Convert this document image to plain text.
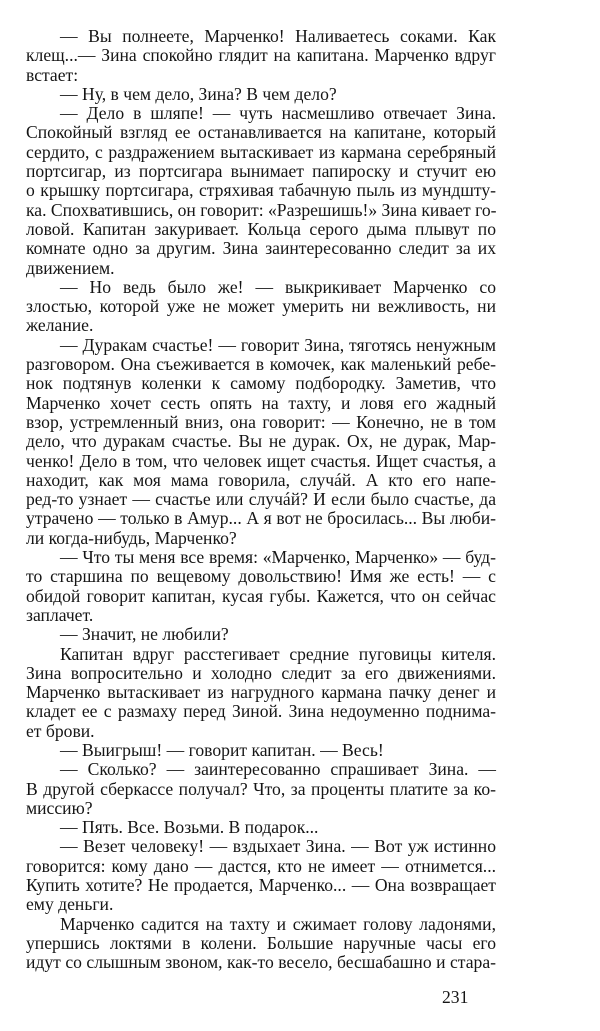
— Вы полнеете, Марченко! Наливаетесь соками. Как
клещ...— Зина спокойно глядит на капитана. Марченко вдруг
встает:
— Ну, в чем дело, Зина? В чем дело?
— Дело в шляпе! — чуть насмешливо отвечает Зина.
Спокойный взгляд ее останавливается на капитане, который
сердито, с раздражением вытаскивает из кармана серебряный
портсигар, из портсигара вынимает папироску и стучит ею
о крышку портсигара, стряхивая табачную пыль из мундшту-
ка. Спохватившись, он говорит: «Разрешишь!» Зина кивает го-
ловой. Капитан закуривает. Кольца серого дыма плывут по
комнате одно за другим. Зина заинтересованно следит за их
движением.
— Но ведь было же! — выкрикивает Марченко со
злостью, которой уже не может умерить ни вежливость, ни
желание.
— Дуракам счастье! — говорит Зина, тяготясь ненужным
разговором. Она съеживается в комочек, как маленький ребе-
нок подтянув коленки к самому подбородку. Заметив, что
Марченко хочет сесть опять на тахту, и ловя его жадный
взор, устремленный вниз, она говорит: — Конечно, не в том
дело, что дуракам счастье. Вы не дурак. Ох, не дурак, Мар-
ченко! Дело в том, что человек ищет счастья. Ищет счастья, а
находит, как моя мама говорила, случáй. А кто его напе-
ред-то узнает — счастье или случáй? И если было счастье, да
утрачено — только в Амур... А я вот не бросилась... Вы люби-
ли когда-нибудь, Марченко?
— Что ты меня все время: «Марченко, Марченко» — буд-
то старшина по вещевому довольствию! Имя же есть! — с
обидой говорит капитан, кусая губы. Кажется, что он сейчас
заплачет.
— Значит, не любили?
Капитан вдруг расстегивает средние пуговицы кителя.
Зина вопросительно и холодно следит за его движениями.
Марченко вытаскивает из нагрудного кармана пачку денег и
кладет ее с размаху перед Зиной. Зина недоуменно поднима-
ет брови.
— Выигрыш! — говорит капитан. — Весь!
— Сколько? — заинтересованно спрашивает Зина. —
В другой сберкассе получал? Что, за проценты платите за ко-
миссию?
— Пять. Все. Возьми. В подарок...
— Везет человеку! — вздыхает Зина. — Вот уж истинно
говорится: кому дано — дастся, кто не имеет — отнимется...
Купить хотите? Не продается, Марченко... — Она возвращает
ему деньги.
Марченко садится на тахту и сжимает голову ладонями,
упершись локтями в колени. Большие наручные часы его
идут со слышным звоном, как-то весело, бесшабашно и стара-
231
